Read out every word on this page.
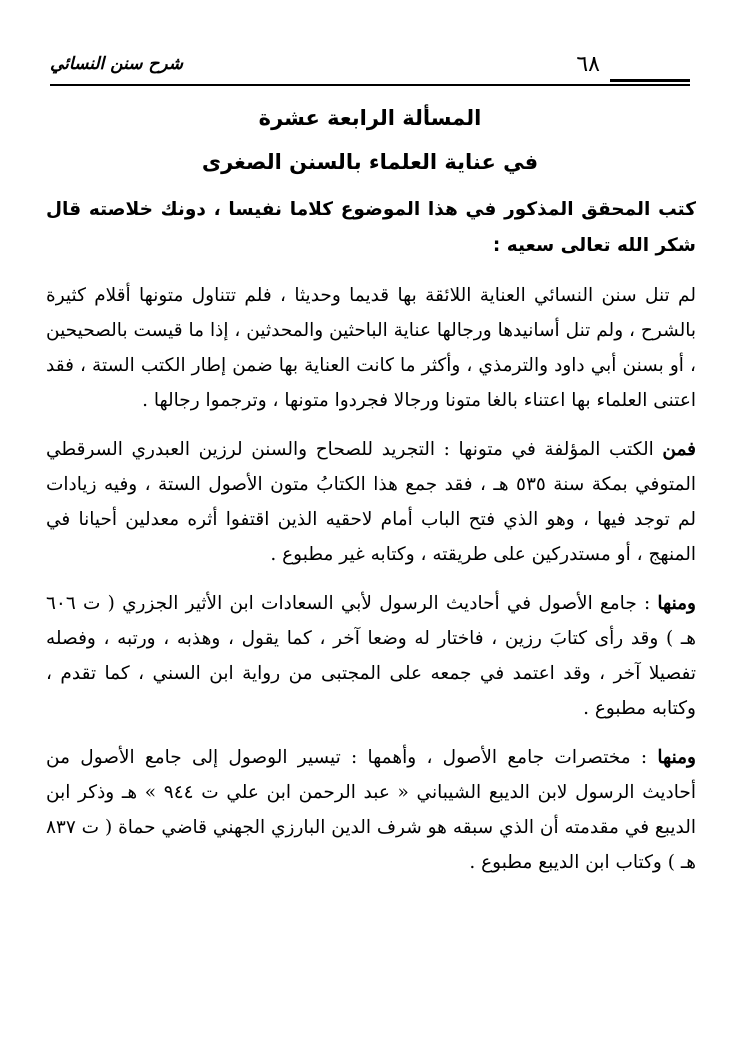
شرح سنن النسائي	٦٨
المسألة الرابعة عشرة
في عناية العلماء بالسنن الصغرى

كتب المحقق المذكور في هذا الموضوع كلاما نفيسا ، دونك خلاصته قال شكر الله تعالى سعيه :

لم تنل سنن النسائي العناية اللائقة بها قديما وحديثا ، فلم تتناول متونها أقلام كثيرة بالشرح ، ولم تنل أسانيدها ورجالها عناية الباحثين والمحدثين ، إذا ما قيست بالصحيحين ، أو بسنن أبي داود والترمذي ، وأكثر ما كانت العناية بها ضمن إطار الكتب الستة ، فقد اعتنى العلماء بها اعتناء بالغا متونا ورجالا فجردوا متونها ، وترجموا رجالها .

فمن الكتب المؤلفة في متونها : التجريد للصحاح والسنن لرزين العبدري السرقطي المتوفي بمكة سنة ٥٣٥ هـ ، فقد جمع هذا الكتابُ متون الأصول الستة ، وفيه زيادات لم توجد فيها ، وهو الذي فتح الباب أمام لاحقيه الذين اقتفوا أثره معدلين أحيانا في المنهج ، أو مستدركين على طريقته ، وكتابه غير مطبوع .

ومنها : جامع الأصول في أحاديث الرسول لأبي السعادات ابن الأثير الجزري ( ت ٦٠٦ هـ ) وقد رأى كتابَ رزين ، فاختار له وضعا آخر ، كما يقول ، وهذبه ، ورتبه ، وفصله تفصيلا آخر ، وقد اعتمد في جمعه على المجتبى من رواية ابن السني ، كما تقدم ، وكتابه مطبوع .

ومنها : مختصرات جامع الأصول ، وأهمها : تيسير الوصول إلى جامع الأصول من أحاديث الرسول لابن الديبع الشيباني « عبد الرحمن ابن علي ت ٩٤٤ » هـ وذكر ابن الديبع في مقدمته أن الذي سبقه هو شرف الدين البارزي الجهني قاضي حماة ( ت ٨٣٧ هـ ) وكتاب ابن الديبع مطبوع .
